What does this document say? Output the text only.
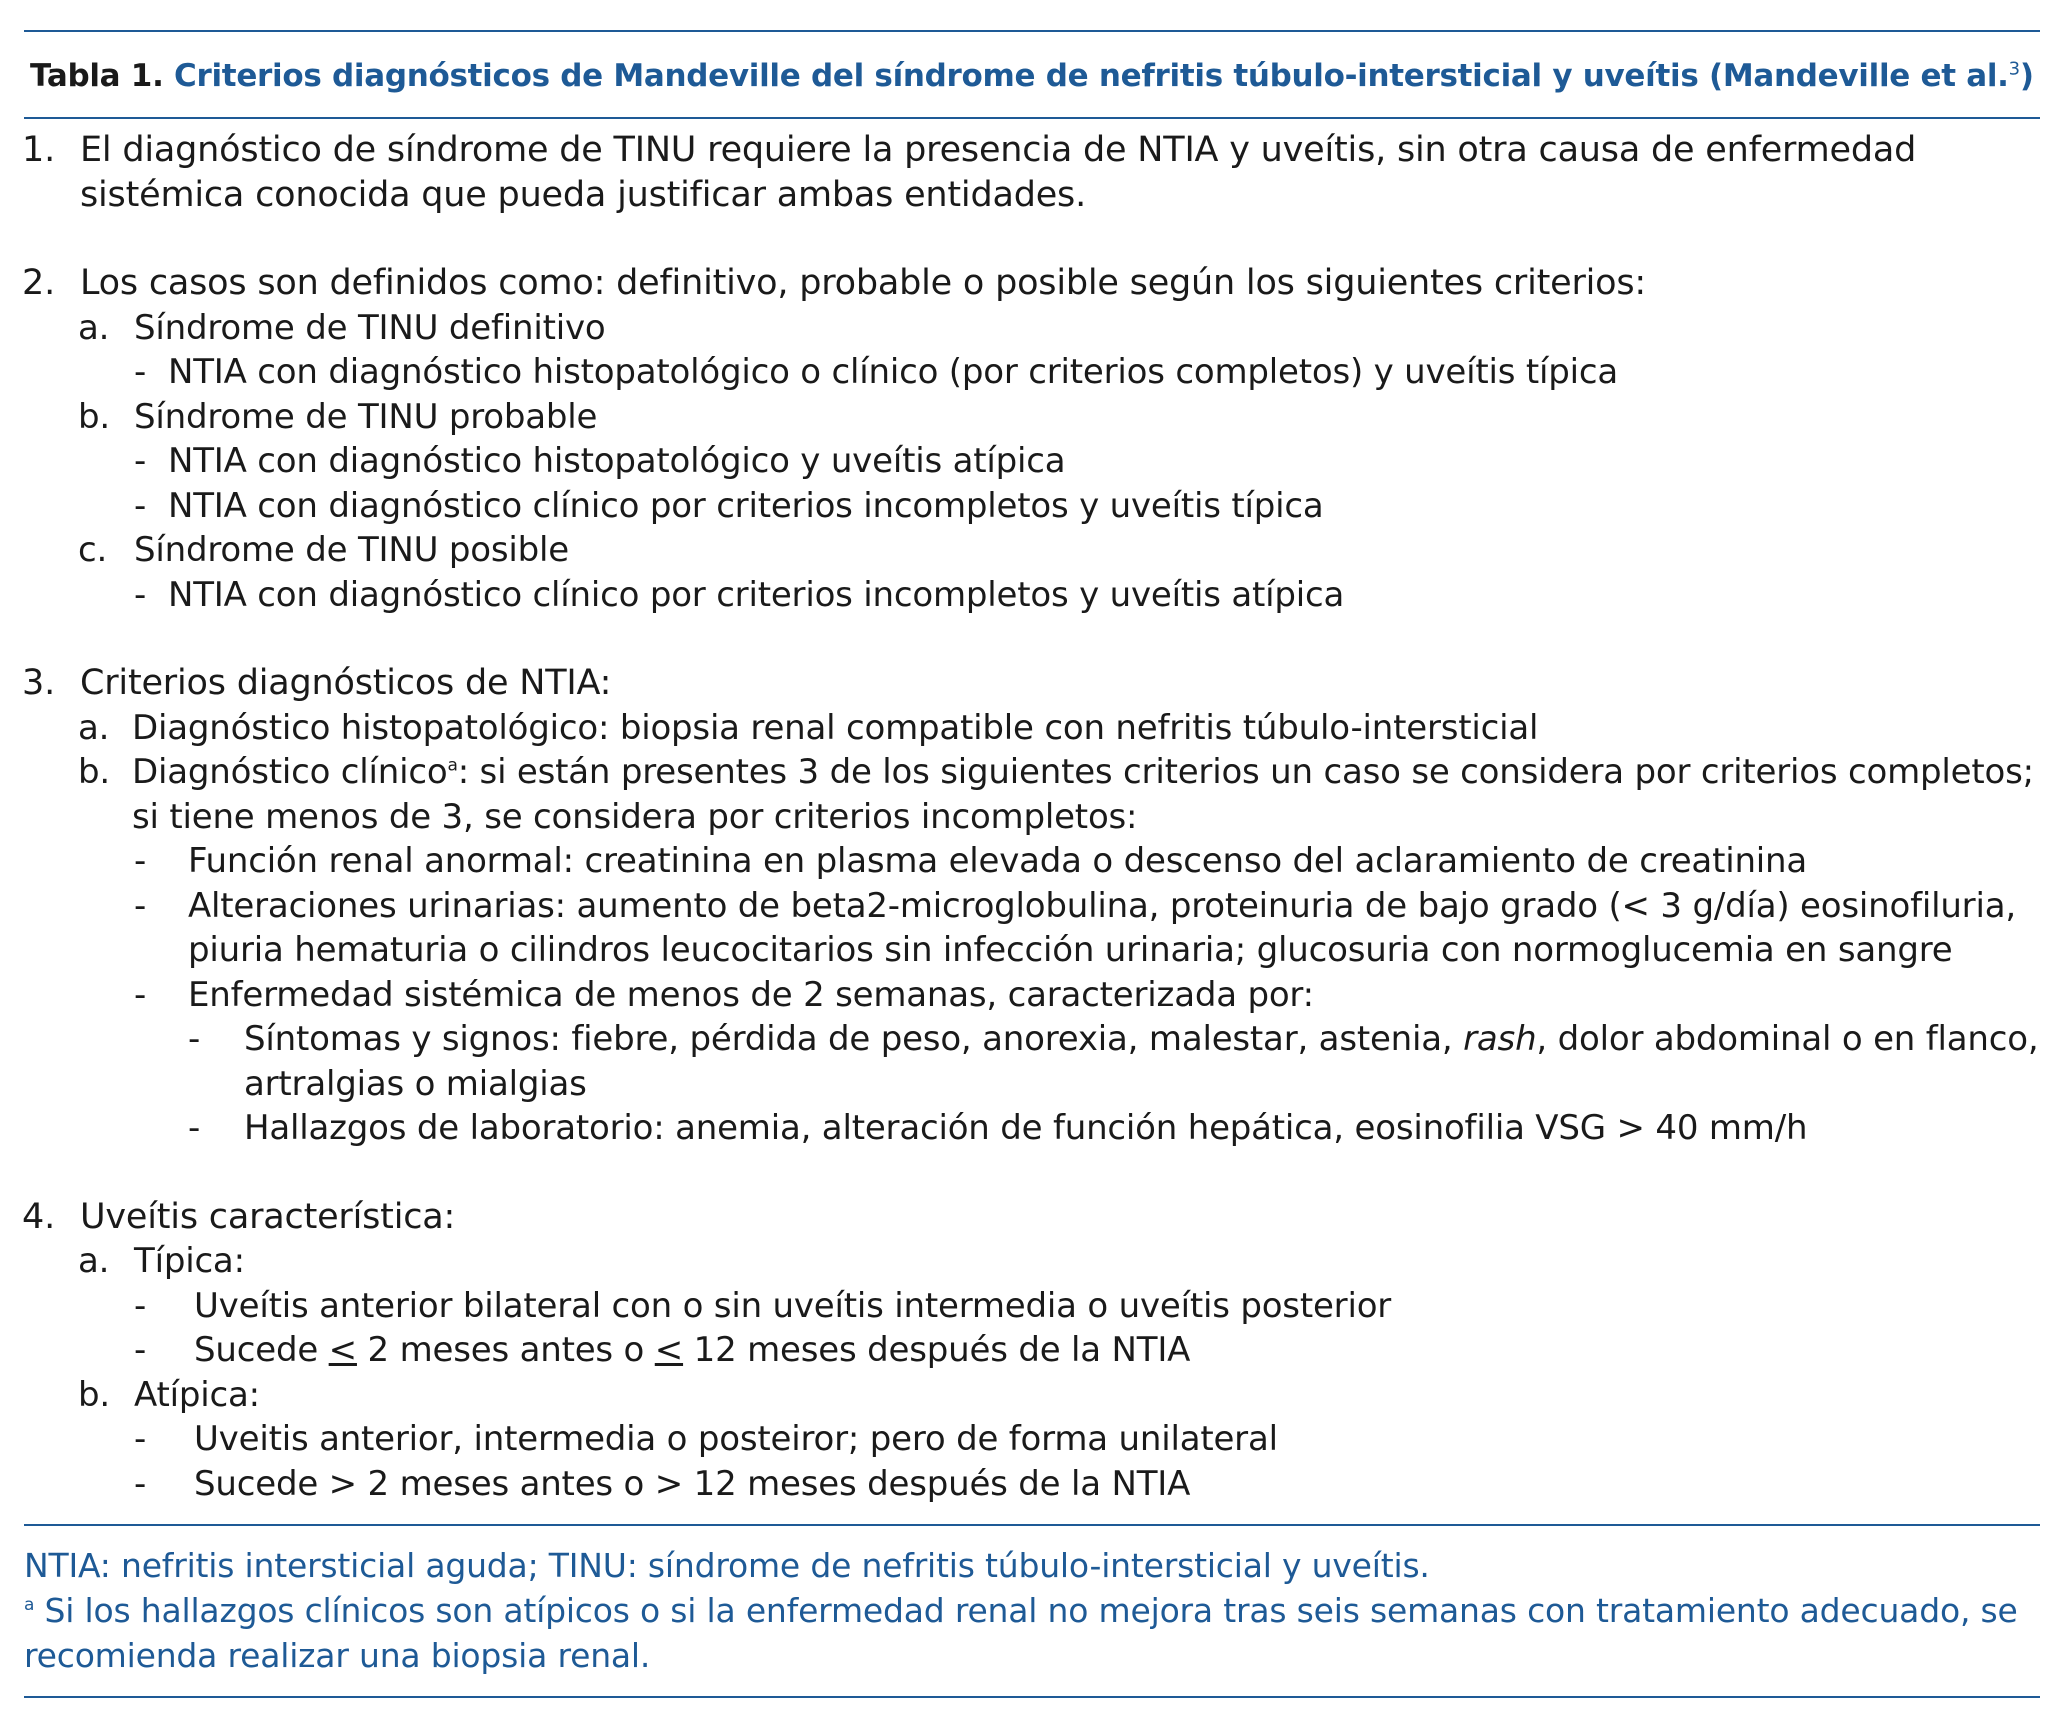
Tabla 1. Criterios diagnósticos de Mandeville del síndrome de nefritis túbulo-intersticial y uveítis (Mandeville et al.$^3$)
1. El diagnóstico de síndrome de TINU requiere la presencia de NTIA y uveítis, sin otra causa de enfermedad sistémica conocida que pueda justificar ambas entidades.
2. Los casos son definidos como: definitivo, probable o posible según los siguientes criterios:
a. Síndrome de TINU definitivo
- NTIA con diagnóstico histopatológico o clínico (por criterios completos) y uveítis típica
b. Síndrome de TINU probable
- NTIA con diagnóstico histopatológico y uveítis atípica
- NTIA con diagnóstico clínico por criterios incompletos y uveítis típica
c. Síndrome de TINU posible
- NTIA con diagnóstico clínico por criterios incompletos y uveítis atípica
3. Criterios diagnósticos de NTIA:
a. Diagnóstico histopatológico: biopsia renal compatible con nefritis túbulo-intersticial
b. Diagnóstico clínico$^a$: si están presentes 3 de los siguientes criterios un caso se considera por criterios completos; si tiene menos de 3, se considera por criterios incompletos:
- Función renal anormal: creatinina en plasma elevada o descenso del aclaramiento de creatinina
- Alteraciones urinarias: aumento de beta2-microglobulina, proteinuria de bajo grado (< 3 g/día) eosinofiluria, piuria hematuria o cilindros leucocitarios sin infección urinaria; glucosuria con normoglucemia en sangre
- Enfermedad sistémica de menos de 2 semanas, caracterizada por:
- Síntomas y signos: fiebre, pérdida de peso, anorexia, malestar, astenia, rash, dolor abdominal o en flanco, artralgias o mialgias
- Hallazgos de laboratorio: anemia, alteración de función hepática, eosinofilia VSG > 40 mm/h
4. Uveítis característica:
a. Típica:
- Uveítis anterior bilateral con o sin uveítis intermedia o uveítis posterior
- Sucede ≤ 2 meses antes o ≤ 12 meses después de la NTIA
b. Atípica:
- Uveitis anterior, intermedia o posteiror; pero de forma unilateral
- Sucede > 2 meses antes o > 12 meses después de la NTIA
NTIA: nefritis intersticial aguda; TINU: síndrome de nefritis túbulo-intersticial y uveítis.
$^a$ Si los hallazgos clínicos son atípicos o si la enfermedad renal no mejora tras seis semanas con tratamiento adecuado, se recomienda realizar una biopsia renal.
